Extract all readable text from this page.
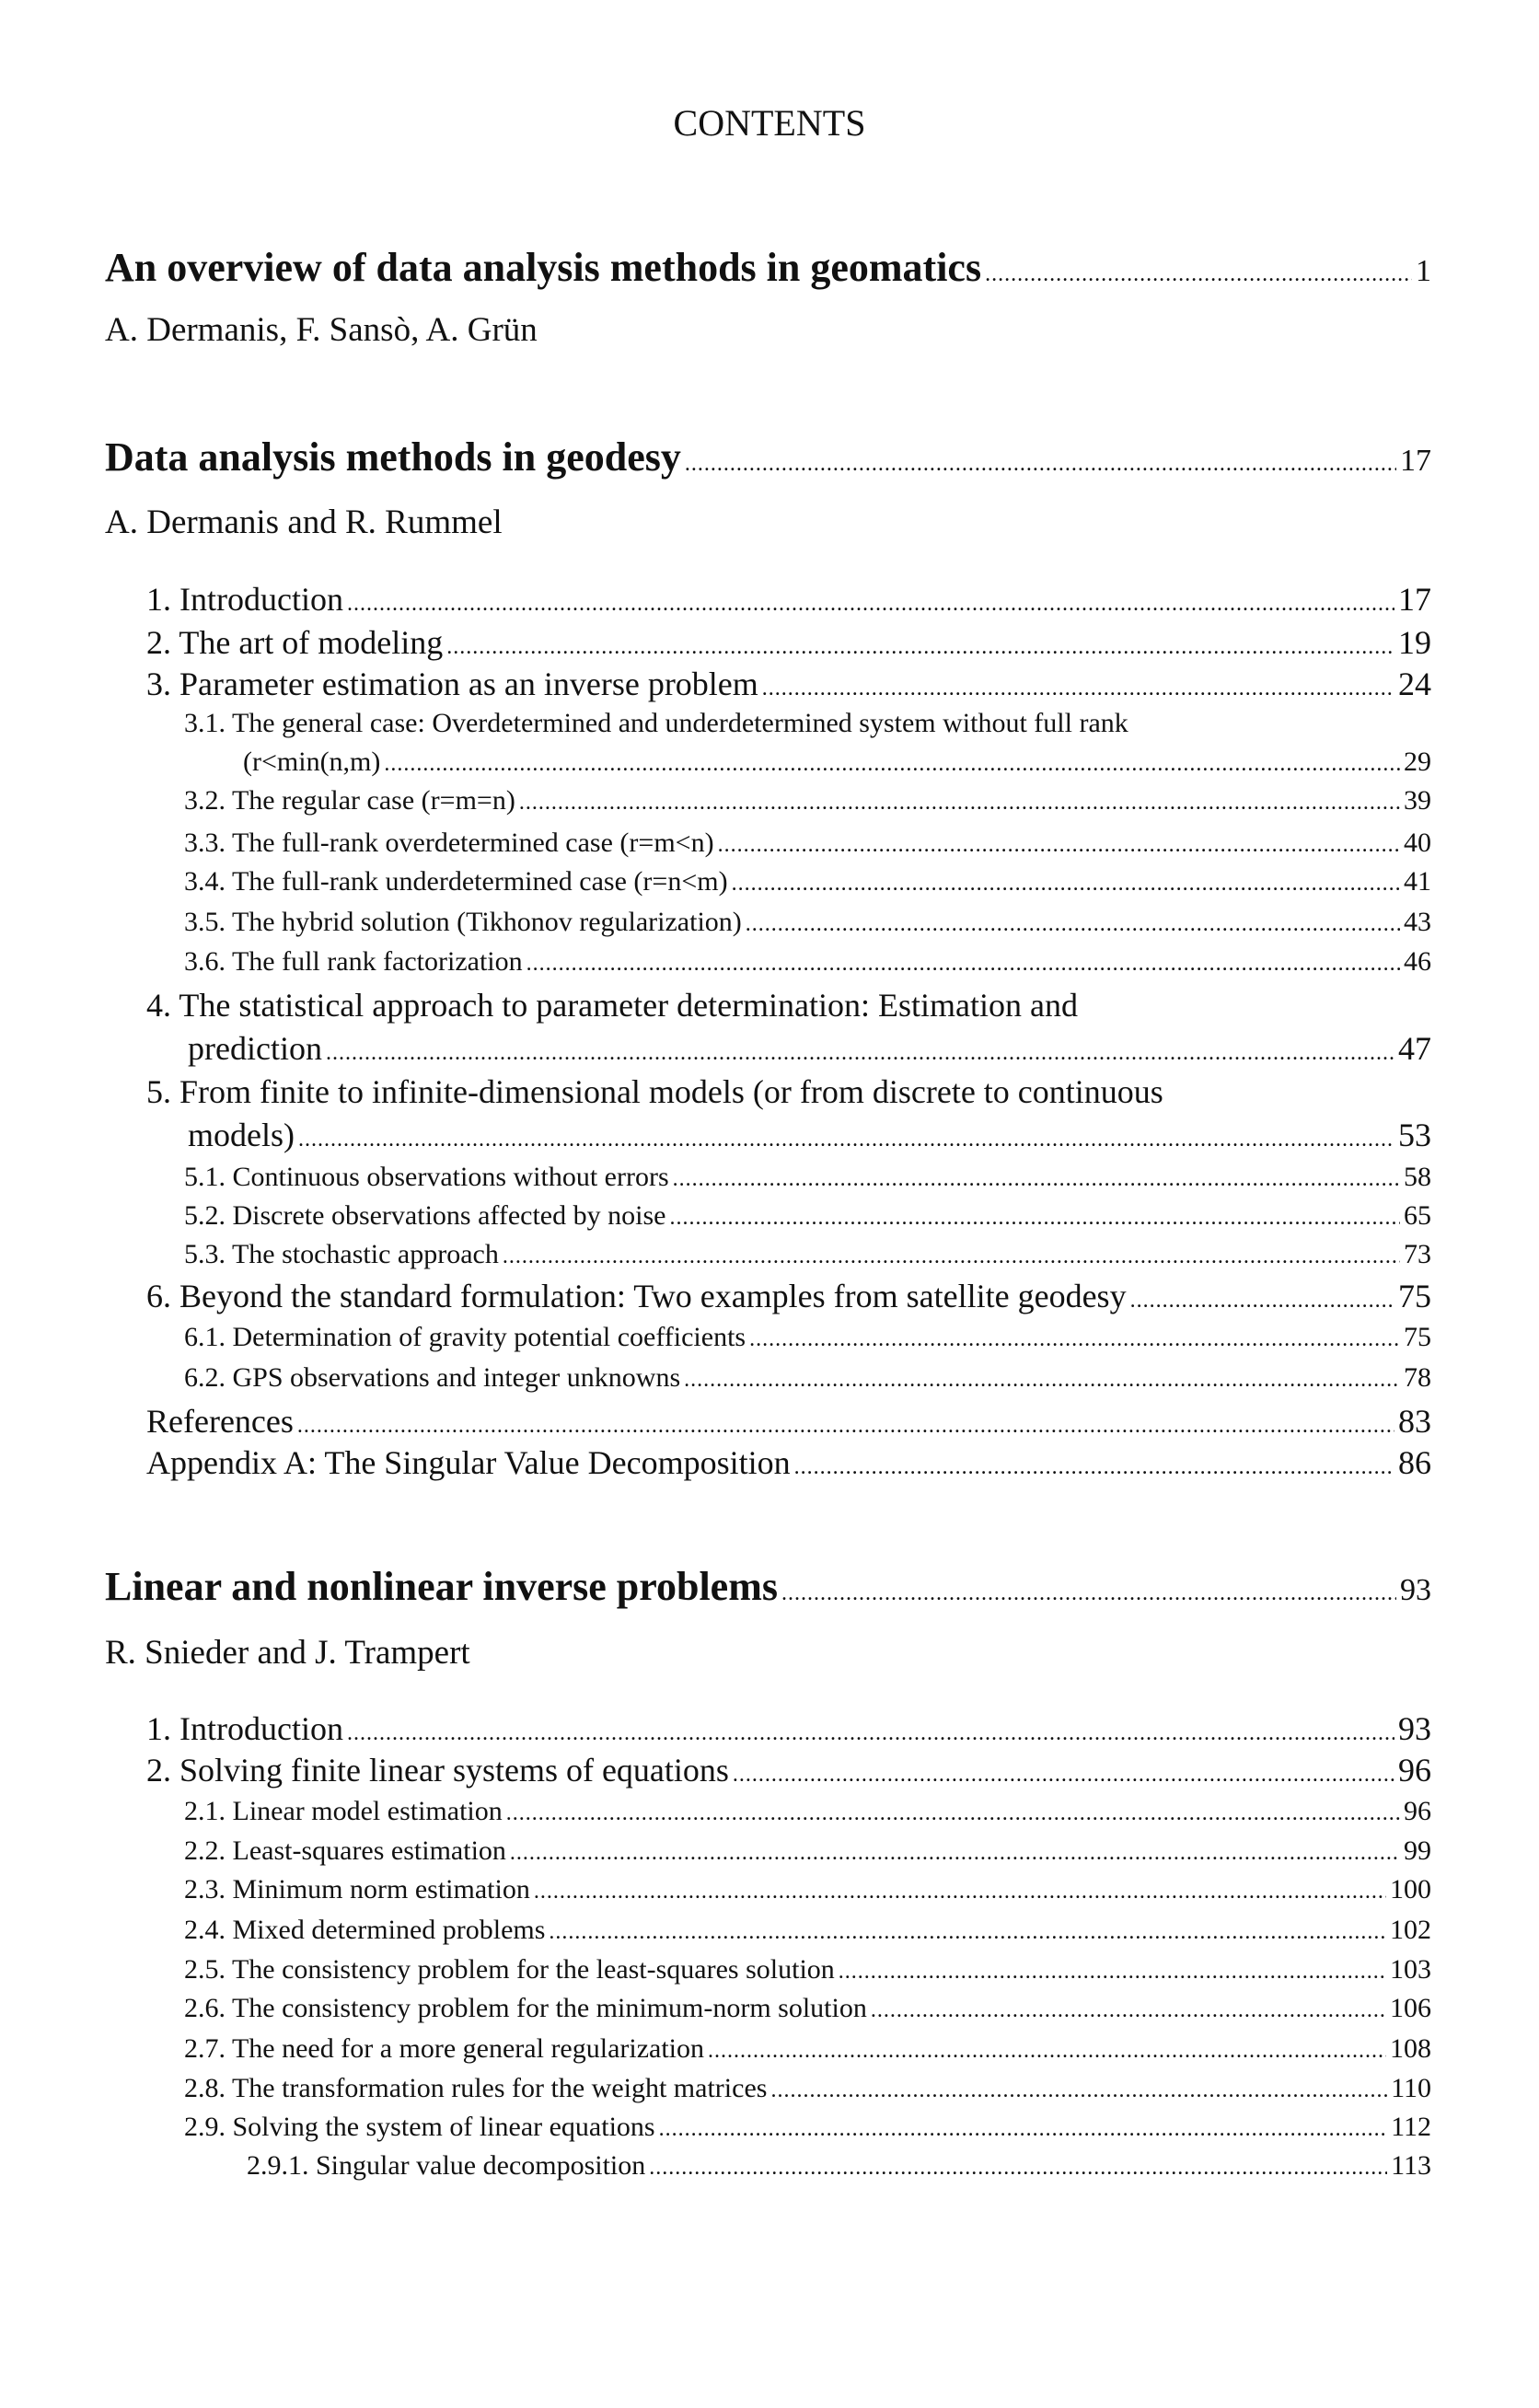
CONTENTS
An overview of data analysis methods in geomatics .....	1
A. Dermanis, F. Sansò, A. Grün
Data analysis methods in geodesy .....	17
A. Dermanis and R. Rummel
1. Introduction .....	17
2. The art of modeling .....	19
3. Parameter estimation as an inverse problem .....	24
3.1. The general case: Overdetermined and underdetermined system without full rank
(r<min(n,m) .....	29
3.2. The regular case (r=m=n) .....	39
3.3. The full-rank overdetermined case (r=m<n) .....	40
3.4. The full-rank underdetermined case (r=n<m) .....	41
3.5. The hybrid solution (Tikhonov regularization) .....	43
3.6. The full rank factorization .....	46
4. The statistical approach to parameter determination: Estimation and
prediction .....	47
5. From finite to infinite-dimensional models (or from discrete to continuous
models) .....	53
5.1. Continuous observations without errors .....	58
5.2. Discrete observations affected by noise .....	65
5.3. The stochastic approach .....	73
6. Beyond the standard formulation: Two examples from satellite geodesy .....	75
6.1. Determination of gravity potential coefficients .....	75
6.2. GPS observations and integer unknowns .....	78
References .....	83
Appendix A: The Singular Value Decomposition .....	86
Linear and nonlinear inverse problems .....	93
R. Snieder and J. Trampert
1. Introduction .....	93
2. Solving finite linear systems of equations .....	96
2.1. Linear model estimation .....	96
2.2. Least-squares estimation .....	99
2.3. Minimum norm estimation .....	100
2.4. Mixed determined problems .....	102
2.5. The consistency problem for the least-squares solution .....	103
2.6. The consistency problem for the minimum-norm solution .....	106
2.7. The need for a more general regularization .....	108
2.8. The transformation rules for the weight matrices .....	110
2.9. Solving the system of linear equations .....	112
2.9.1. Singular value decomposition .....	113
